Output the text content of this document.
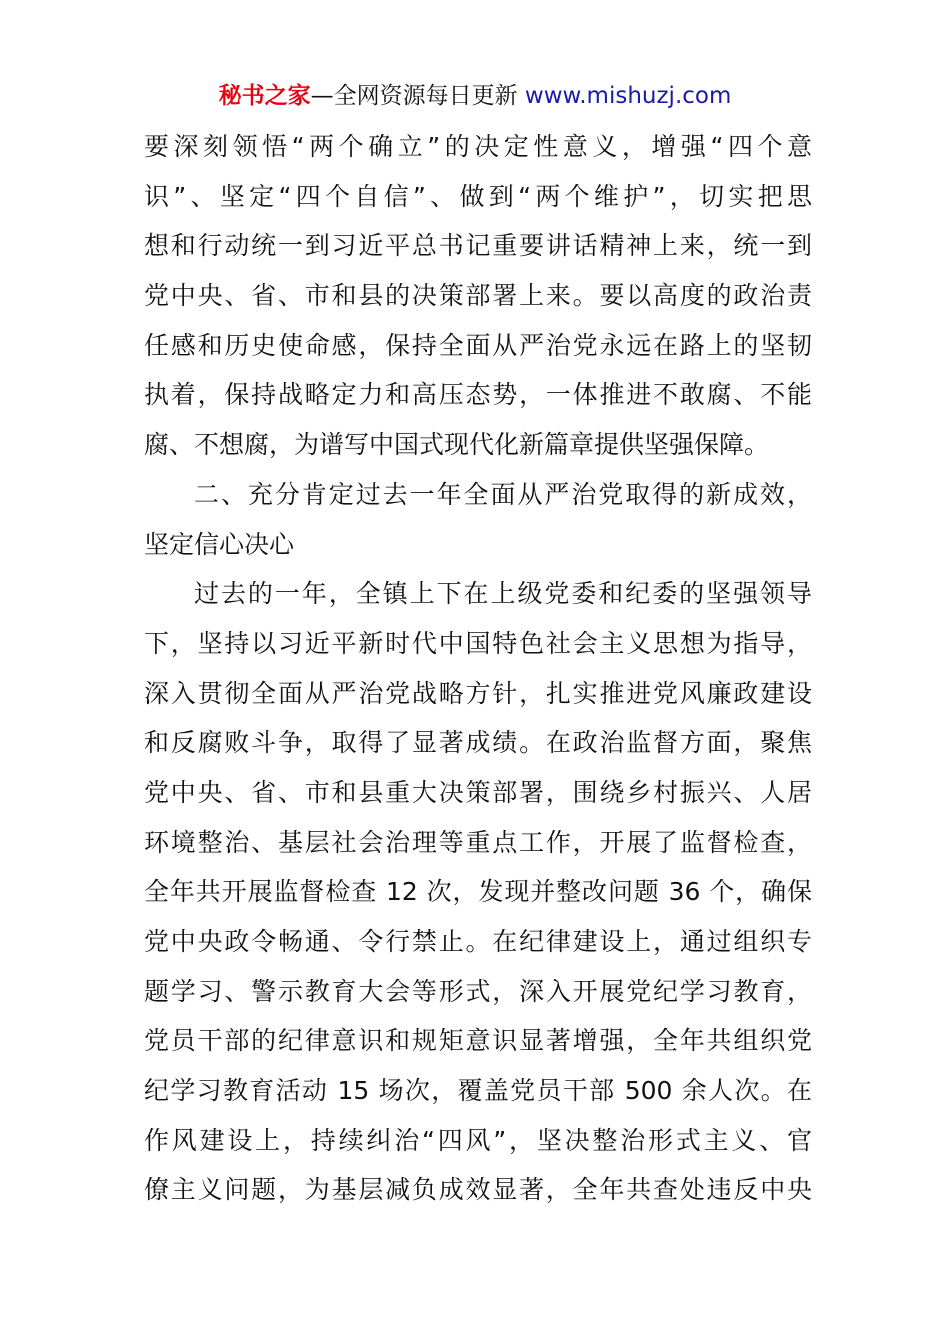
秘书之家—全网资源每日更新 www.mishuzj.com
要深刻领悟“两个确立”的决定性意义，增强“四个意
识”、坚定“四个自信”、做到“两个维护”，切实把思
想和行动统一到习近平总书记重要讲话精神上来，统一到
党中央、省、市和县的决策部署上来。要以高度的政治责
任感和历史使命感，保持全面从严治党永远在路上的坚韧
执着，保持战略定力和高压态势，一体推进不敢腐、不能
腐、不想腐，为谱写中国式现代化新篇章提供坚强保障。
二、充分肯定过去一年全面从严治党取得的新成效，
坚定信心决心
过去的一年，全镇上下在上级党委和纪委的坚强领导
下，坚持以习近平新时代中国特色社会主义思想为指导，
深入贯彻全面从严治党战略方针，扎实推进党风廉政建设
和反腐败斗争，取得了显著成绩。在政治监督方面，聚焦
党中央、省、市和县重大决策部署，围绕乡村振兴、人居
环境整治、基层社会治理等重点工作，开展了监督检查，
全年共开展监督检查 12 次，发现并整改问题 36 个，确保
党中央政令畅通、令行禁止。在纪律建设上，通过组织专
题学习、警示教育大会等形式，深入开展党纪学习教育，
党员干部的纪律意识和规矩意识显著增强，全年共组织党
纪学习教育活动 15 场次，覆盖党员干部 500 余人次。在
作风建设上，持续纠治“四风”，坚决整治形式主义、官
僚主义问题，为基层减负成效显著，全年共查处违反中央
